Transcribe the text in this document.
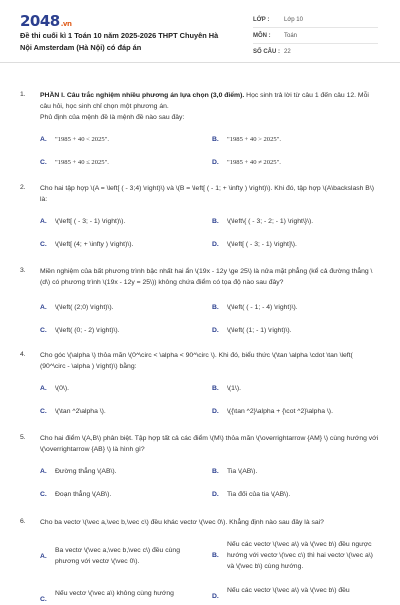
2048.vn
Đề thi cuối kì 1 Toán 10 năm 2025-2026 THPT Chuyên Hà Nội Amsterdam (Hà Nội) có đáp án
LỚP :	Lớp 10
MÔN :	Toán
SỐ CÂU : 22
1. PHẦN I. Câu trắc nghiệm nhiều phương án lựa chọn (3,0 điểm). Học sinh trả lời từ câu 1 đến câu 12. Mỗi câu hỏi, học sinh chỉ chọn một phương án.
Phủ định của mệnh đề là mệnh đề nào sau đây:
A. "1985 + 40 < 2025".	B. "1985 + 40 > 2025".
C. "1985 + 40 ≤ 2025".	D. "1985 + 40 ≠ 2025".
2. Cho hai tập hợp \(A = \left[ ( - 3;4) \right)\) và \(B = \left[ ( - 1; + \infty ) \right)\). Khi đó, tập hợp \(A\backslash B\) là:
A. \(\left[ ( - 3; - 1) \right)\).	B. \(\left\{ ( - 3; - 2; - 1) \right\}\).
C. \(\left[ (4; + \infty ) \right)\).	D. \(\left[ ( - 3; - 1) \right]\).
3. Miền nghiệm của bất phương trình bậc nhất hai ẩn \(19x - 12y \ge 25\) là nửa mặt phẳng (kể cả đường thẳng \(d\) có phương trình \(19x - 12y = 25\)) không chứa điểm có tọa độ nào sau đây?
A. \(\left( (2;0) \right)\).	B. \(\left( ( - 1; - 4) \right)\).
C. \(\left( (0; - 2) \right)\).	D. \(\left( (1; - 1) \right)\).
4. Cho góc \(\alpha \) thỏa mãn \(0^\circ < \alpha < 90^\circ \). Khi đó, biểu thức \(\tan \alpha \cdot \tan \left( (90^\circ - \alpha ) \right)\) bằng:
A. \(0\).	B. \(1\).
C. \(\tan ^2\alpha \).	D. \({\tan ^2}\alpha + {\cot ^2}\alpha \).
5. Cho hai điểm \(A,B\) phân biệt. Tập hợp tất cả các điểm \(M\) thỏa mãn \(\overrightarrow {AM} \) cùng hướng với \(\overrightarrow {AB} \) là hình gì?
A. Đường thẳng \(AB\).	B. Tia \(AB\).
C. Đoạn thẳng \(AB\).	D. Tia đối của tia \(AB\).
6. Cho ba vectơ \(\vec a,\vec b,\vec c\) đều khác vectơ \(\vec 0\). Khẳng định nào sau đây là sai?
A.
Ba vectơ \(\vec a,\vec b,\vec c\) đều cùng phương với vectơ \(\vec 0\).
B.
Nếu các vectơ \(\vec a\) và \(\vec b\) đều ngược hướng với vectơ \(\vec c\) thì hai vectơ \(\vec a\) và \(\vec b\) cùng hướng.
C.
Nếu vectơ \(\vec a\) không cùng hướng	D.
Nếu các vectơ \(\vec a\) và \(\vec b\) đều
